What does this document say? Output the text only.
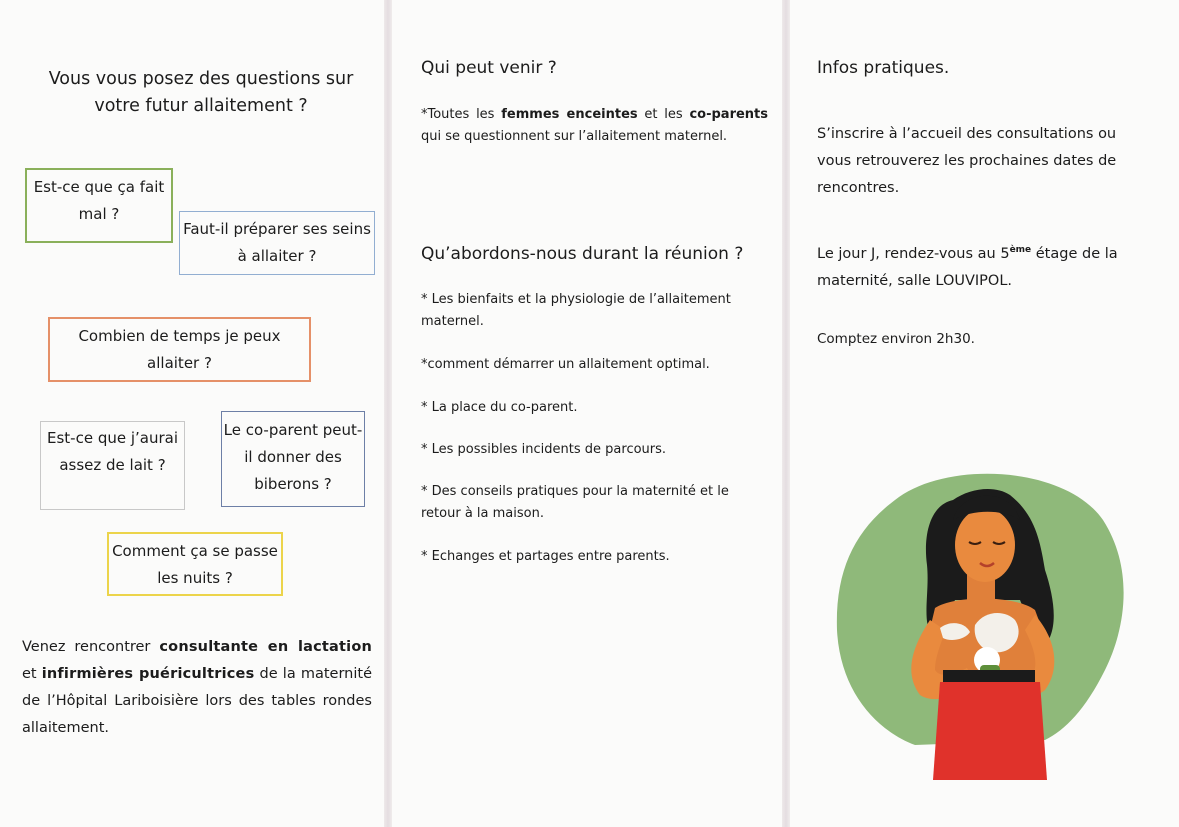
Vous vous posez des questions sur votre futur allaitement ?
Est-ce que ça fait mal ?
Faut-il préparer ses seins à allaiter ?
Combien de temps je peux allaiter ?
Est-ce que j’aurai assez de lait ?
Le co-parent peut-il donner des biberons ?
Comment ça se passe les nuits ?
Venez rencontrer consultante en lactation et infirmières puéricultrices de la maternité de l’Hôpital Lariboisière lors des tables rondes allaitement.
Qui peut venir ?
*Toutes les femmes enceintes et les co-parents qui se questionnent sur l’allaitement maternel.
Qu’abordons-nous durant la réunion ?
* Les bienfaits et la physiologie de l’allaitement maternel.
*comment démarrer un allaitement optimal.
* La place du co-parent.
* Les possibles incidents de parcours.
* Des conseils pratiques pour la maternité et le retour à la maison.
* Echanges et partages entre parents.
Infos pratiques.
S’inscrire à l’accueil des consultations ou vous retrouverez les prochaines dates de rencontres.
Le jour J, rendez-vous au 5ème étage de la maternité, salle LOUVIPOL.
Comptez environ 2h30.
